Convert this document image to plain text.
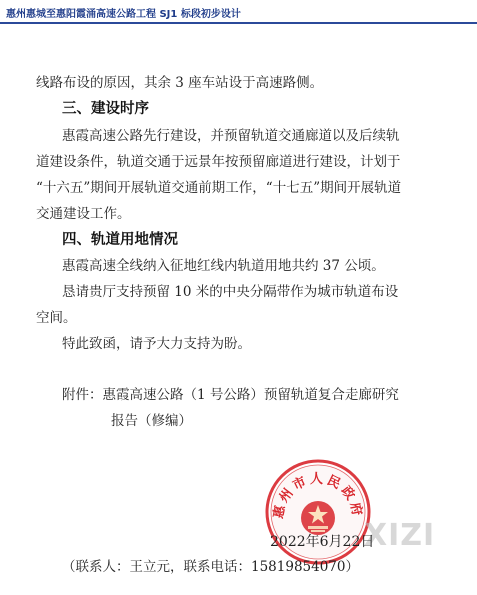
惠州惠城至惠阳霞涌高速公路工程 SJ1 标段初步设计
线路布设的原因，其余 3 座车站设于高速路侧。
三、建设时序
惠霞高速公路先行建设，并预留轨道交通廊道以及后续轨
道建设条件，轨道交通于远景年按预留廊道进行建设，计划于
“十六五”期间开展轨道交通前期工作，“十七五”期间开展轨道
交通建设工作。
四、轨道用地情况
惠霞高速全线纳入征地红线内轨道用地共约 37 公顷。
恳请贵厅支持预留 10 米的中央分隔带作为城市轨道布设
空间。
特此致函，请予大力支持为盼。
附件：惠霞高速公路（1 号公路）预留轨道复合走廊研究
报告（修编）
惠州市人民政府
XIZI
2022年6月22日
（联系人：王立元，联系电话：15819854070）
